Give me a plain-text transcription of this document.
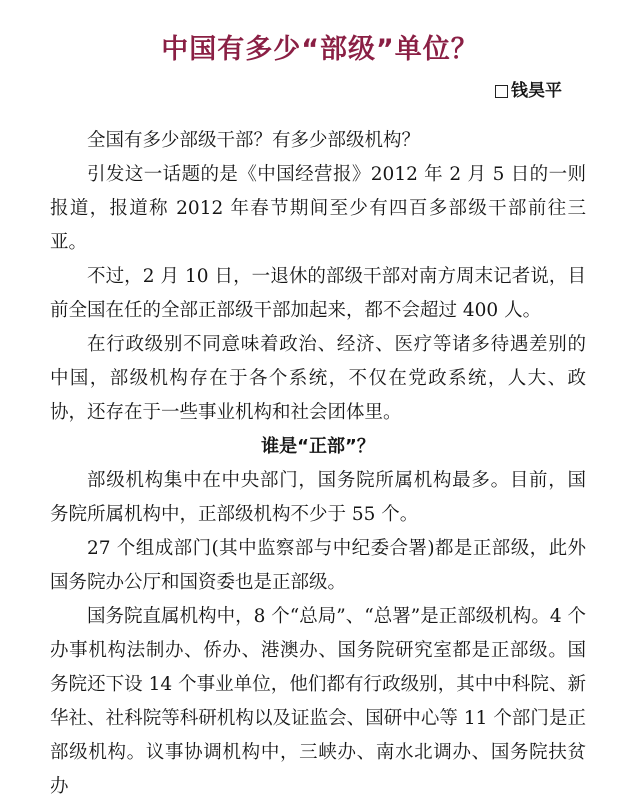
中国有多少“部级”单位？
钱昊平

全国有多少部级干部？有多少部级机构？

引发这一话题的是《中国经营报》2012 年 2 月 5 日的一则报道，报道称 2012 年春节期间至少有四百多部级干部前往三亚。

不过，2 月 10 日，一退休的部级干部对南方周末记者说，目前全国在任的全部正部级干部加起来，都不会超过 400 人。

在行政级别不同意味着政治、经济、医疗等诸多待遇差别的中国，部级机构存在于各个系统，不仅在党政系统，人大、政协，还存在于一些事业机构和社会团体里。

谁是“正部”？

部级机构集中在中央部门，国务院所属机构最多。目前，国务院所属机构中，正部级机构不少于 55 个。

27 个组成部门(其中监察部与中纪委合署)都是正部级，此外国务院办公厅和国资委也是正部级。

国务院直属机构中，8 个“总局”、“总署”是正部级机构。4 个办事机构法制办、侨办、港澳办、国务院研究室都是正部级。国务院还下设 14 个事业单位，他们都有行政级别，其中中科院、新华社、社科院等科研机构以及证监会、国研中心等 11 个部门是正部级机构。议事协调机构中，三峡办、南水北调办、国务院扶贫办
